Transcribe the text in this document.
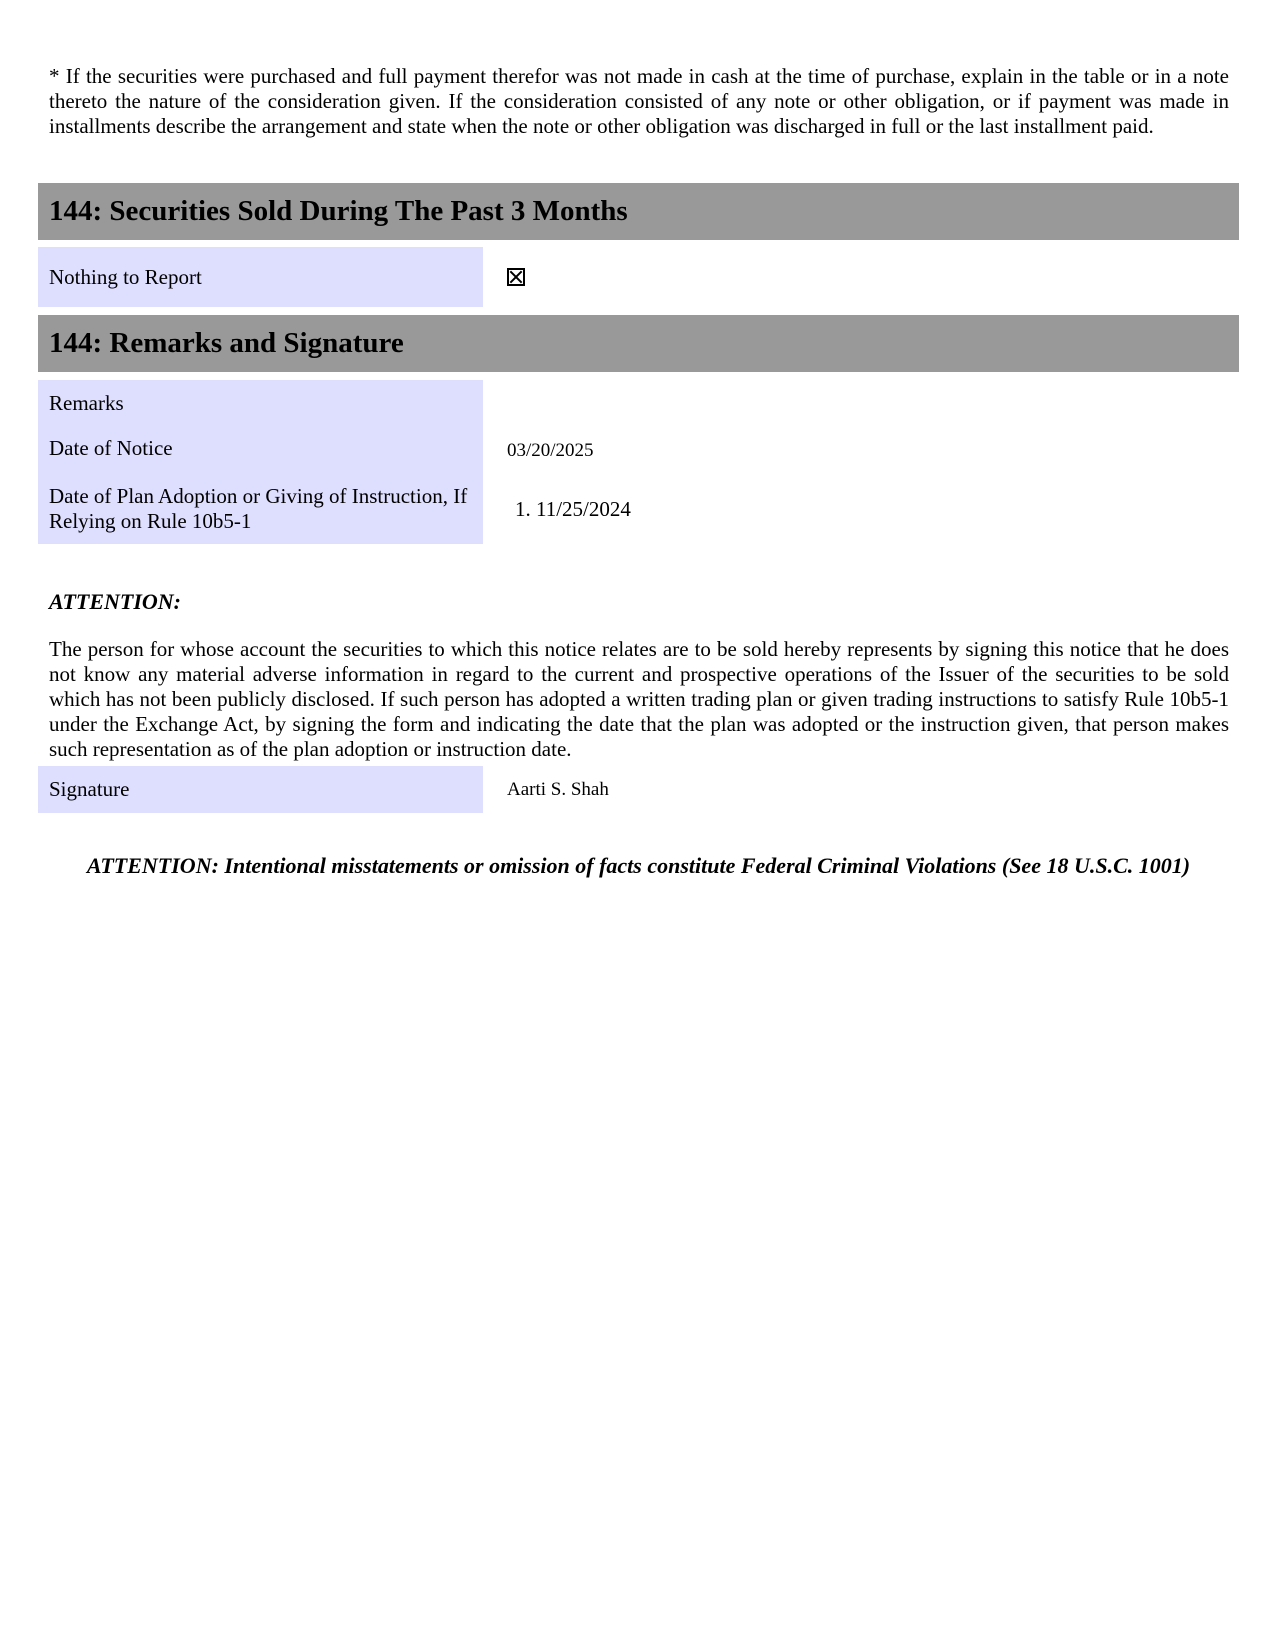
* If the securities were purchased and full payment therefor was not made in cash at the time of purchase, explain in the table or in a note thereto the nature of the consideration given. If the consideration consisted of any note or other obligation, or if payment was made in installments describe the arrangement and state when the note or other obligation was discharged in full or the last installment paid.

144: Securities Sold During The Past 3 Months
Nothing to Report
144: Remarks and Signature
Remarks
Date of Notice	03/20/2025
Date of Plan Adoption or Giving of Instruction, If Relying on Rule 10b5-1
1.	11/25/2024
ATTENTION:

The person for whose account the securities to which this notice relates are to be sold hereby represents by signing this notice that he does not know any material adverse information in regard to the current and prospective operations of the Issuer of the securities to be sold which has not been publicly disclosed. If such person has adopted a written trading plan or given trading instructions to satisfy Rule 10b5-1 under the Exchange Act, by signing the form and indicating the date that the plan was adopted or the instruction given, that person makes such representation as of the plan adoption or instruction date.

Signature	Aarti S. Shah
ATTENTION: Intentional misstatements or omission of facts constitute Federal Criminal Violations (See 18 U.S.C. 1001)
